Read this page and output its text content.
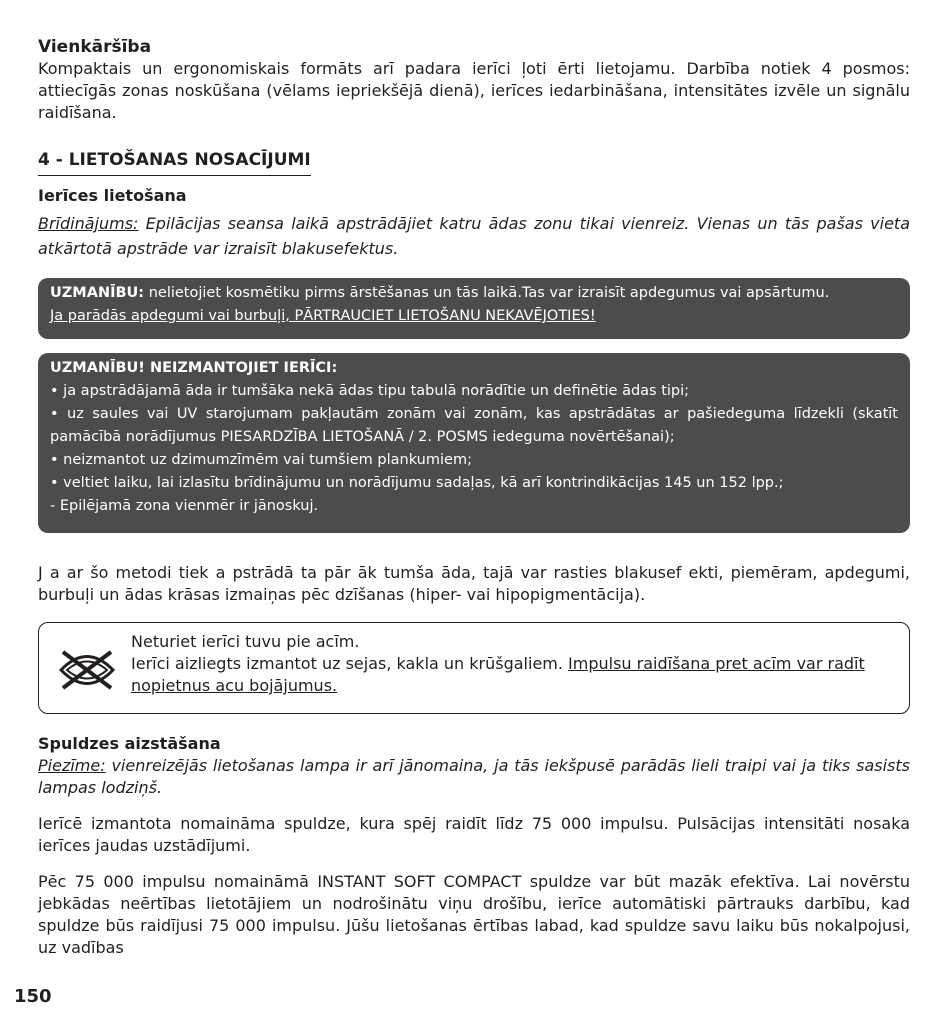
Vienkāršība

Kompaktais un ergonomiskais formāts arī padara ierīci ļoti ērti lietojamu. Darbība notiek 4 posmos: attiecīgās zonas noskūšana (vēlams iepriekšējā dienā), ierīces iedarbināšana, intensitātes izvēle un signālu raidīšana.

4 - LIETOŠANAS NOSACĪJUMI

Ierīces lietošana

Brīdinājums: Epilācijas seansa laikā apstrādājiet katru ādas zonu tikai vienreiz. Vienas un tās pašas vieta atkārtotā apstrāde var izraisīt blakusefektus.

UZMANĪBU: nelietojiet kosmētiku pirms ārstēšanas un tās laikā.Tas var izraisīt apdegumus vai apsārtumu.

Ja parādās apdegumi vai burbuļi, PĀRTRAUCIET LIETOŠANU NEKAVĒJOTIES!

UZMANĪBU! NEIZMANTOJIET IERĪCI:

• ja apstrādājamā āda ir tumšāka nekā ādas tipu tabulā norādītie un definētie ādas tipi;

• uz saules vai UV starojumam pakļautām zonām vai zonām, kas apstrādātas ar pašiedeguma līdzekli (skatīt pamācībā norādījumus PIESARDZĪBA LIETOŠANĀ / 2. POSMS iedeguma novērtēšanai);

• neizmantot uz dzimumzīmēm vai tumšiem plankumiem;

• veltiet laiku, lai izlasītu brīdinājumu un norādījumu sadaļas, kā arī kontrindikācijas 145 un 152 lpp.;

- Epilējamā zona vienmēr ir jānoskuj.

J a ar šo metodi tiek a pstrādā ta pār āk tumša āda, tajā var rasties blakusef ekti, piemēram, apdegumi, burbuļi un ādas krāsas izmaiņas pēc dzīšanas (hiper- vai hipopigmentācija).

Neturiet ierīci tuvu pie acīm.
Ierīci aizliegts izmantot uz sejas, kakla un krūšgaliem. Impulsu raidīšana pret acīm var radīt nopietnus acu bojājumus.

Spuldzes aizstāšana

Piezīme: vienreizējās lietošanas lampa ir arī jānomaina, ja tās iekšpusē parādās lieli traipi vai ja tiks sasists lampas lodziņš.

Ierīcē izmantota nomaināma spuldze, kura spēj raidīt līdz 75 000 impulsu. Pulsācijas intensitāti nosaka ierīces jaudas uzstādījumi.

Pēc 75 000 impulsu nomaināmā INSTANT SOFT COMPACT spuldze var būt mazāk efektīva. Lai novērstu jebkādas neērtības lietotājiem un nodrošinātu viņu drošību, ierīce automātiski pārtrauks darbību, kad spuldze būs raidījusi 75 000 impulsu. Jūšu lietošanas ērtības labad, kad spuldze savu laiku būs nokalpojusi, uz vadības

150
